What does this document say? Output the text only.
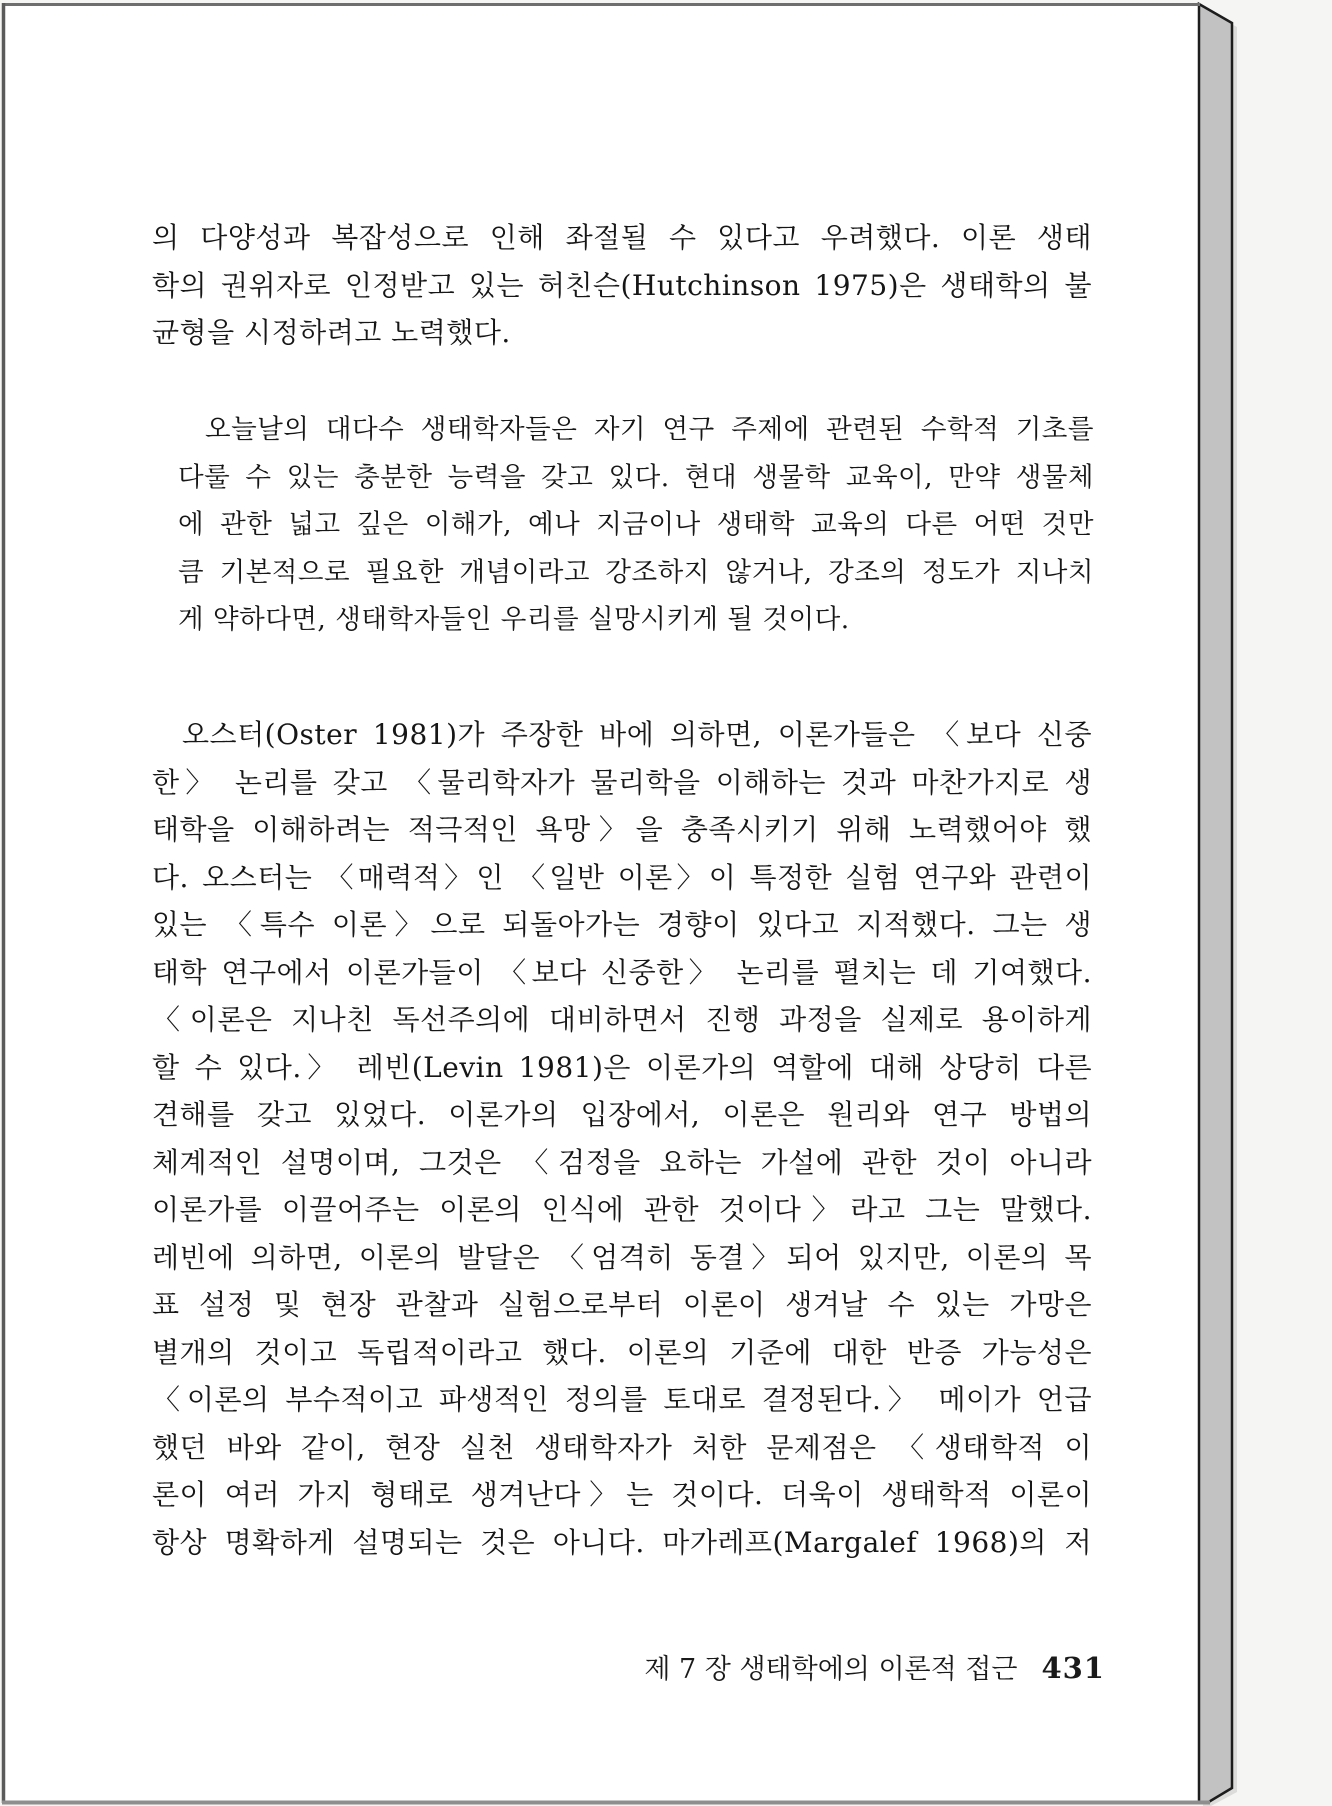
의 다양성과 복잡성으로 인해 좌절될 수 있다고 우려했다. 이론 생태
학의 권위자로 인정받고 있는 허친슨(Hutchinson 1975)은 생태학의 불
균형을 시정하려고 노력했다.
오늘날의 대다수 생태학자들은 자기 연구 주제에 관련된 수학적 기초를
다룰 수 있는 충분한 능력을 갖고 있다. 현대 생물학 교육이, 만약 생물체
에 관한 넓고 깊은 이해가, 예나 지금이나 생태학 교육의 다른 어떤 것만
큼 기본적으로 필요한 개념이라고 강조하지 않거나, 강조의 정도가 지나치
게 약하다면, 생태학자들인 우리를 실망시키게 될 것이다.
오스터(Oster 1981)가 주장한 바에 의하면, 이론가들은 〈보다 신중
한〉 논리를 갖고 〈물리학자가 물리학을 이해하는 것과 마찬가지로 생
태학을 이해하려는 적극적인 욕망〉을 충족시키기 위해 노력했어야 했
다. 오스터는 〈매력적〉인 〈일반 이론〉이 특정한 실험 연구와 관련이
있는 〈특수 이론〉으로 되돌아가는 경향이 있다고 지적했다. 그는 생
태학 연구에서 이론가들이 〈보다 신중한〉 논리를 펼치는 데 기여했다.
〈이론은 지나친 독선주의에 대비하면서 진행 과정을 실제로 용이하게
할 수 있다.〉 레빈(Levin 1981)은 이론가의 역할에 대해 상당히 다른
견해를 갖고 있었다. 이론가의 입장에서, 이론은 원리와 연구 방법의
체계적인 설명이며, 그것은 〈검정을 요하는 가설에 관한 것이 아니라
이론가를 이끌어주는 이론의 인식에 관한 것이다〉라고 그는 말했다.
레빈에 의하면, 이론의 발달은 〈엄격히 동결〉되어 있지만, 이론의 목
표 설정 및 현장 관찰과 실험으로부터 이론이 생겨날 수 있는 가망은
별개의 것이고 독립적이라고 했다. 이론의 기준에 대한 반증 가능성은
〈이론의 부수적이고 파생적인 정의를 토대로 결정된다.〉 메이가 언급
했던 바와 같이, 현장 실천 생태학자가 처한 문제점은 〈생태학적 이
론이 여러 가지 형태로 생겨난다〉는 것이다. 더욱이 생태학적 이론이
항상 명확하게 설명되는 것은 아니다. 마가레프(Margalef 1968)의 저
제 7 장 생태학에의 이론적 접근 431
